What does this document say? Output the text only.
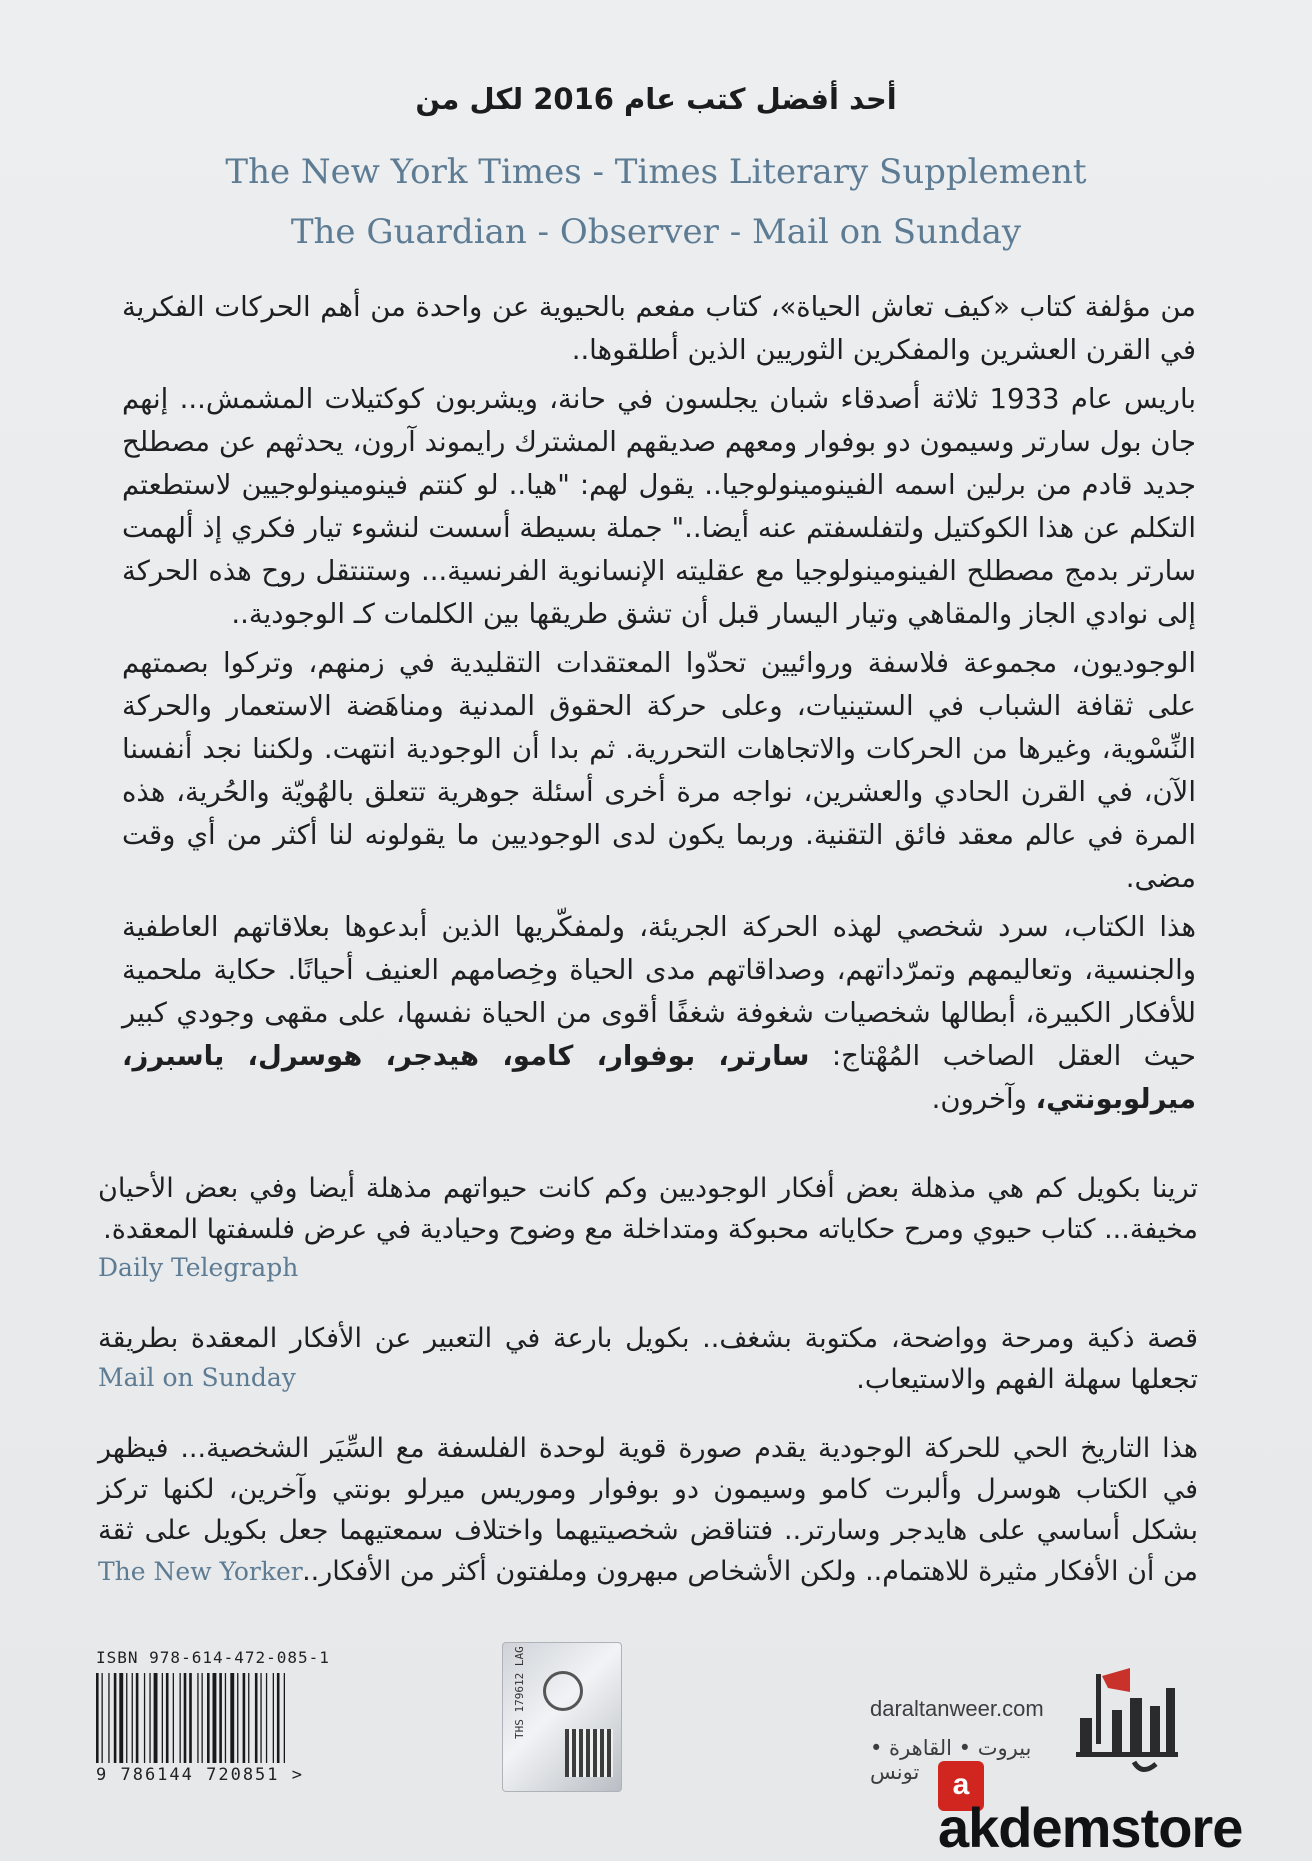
أحد أفضل كتب عام 2016 لكل من
The New York Times - Times Literary Supplement
The Guardian - Observer - Mail on Sunday

من مؤلفة كتاب «كيف تعاش الحياة»، كتاب مفعم بالحيوية عن واحدة من أهم الحركات الفكرية في القرن العشرين والمفكرين الثوريين الذين أطلقوها..

باريس عام 1933 ثلاثة أصدقاء شبان يجلسون في حانة، ويشربون كوكتيلات المشمش... إنهم جان بول سارتر وسيمون دو بوفوار ومعهم صديقهم المشترك رايموند آرون، يحدثهم عن مصطلح جديد قادم من برلين اسمه الفينومينولوجيا.. يقول لهم: "هيا.. لو كنتم فينومينولوجيين لاستطعتم التكلم عن هذا الكوكتيل ولتفلسفتم عنه أيضا.." جملة بسيطة أسست لنشوء تيار فكري إذ ألهمت سارتر بدمج مصطلح الفينومينولوجيا مع عقليته الإنسانوية الفرنسية... وستنتقل روح هذه الحركة إلى نوادي الجاز والمقاهي وتيار اليسار قبل أن تشق طريقها بين الكلمات كـ الوجودية..

الوجوديون، مجموعة فلاسفة وروائيين تحدّوا المعتقدات التقليدية في زمنهم، وتركوا بصمتهم على ثقافة الشباب في الستينيات، وعلى حركة الحقوق المدنية ومناهَضة الاستعمار والحركة النِّسْوية، وغيرها من الحركات والاتجاهات التحررية. ثم بدا أن الوجودية انتهت. ولكننا نجد أنفسنا الآن، في القرن الحادي والعشرين، نواجه مرة أخرى أسئلة جوهرية تتعلق بالهُويّة والحُرية، هذه المرة في عالم معقد فائق التقنية. وربما يكون لدى الوجوديين ما يقولونه لنا أكثر من أي وقت مضى.

هذا الكتاب، سرد شخصي لهذه الحركة الجريئة، ولمفكّريها الذين أبدعوها بعلاقاتهم العاطفية والجنسية، وتعاليمهم وتمرّداتهم، وصداقاتهم مدى الحياة وخِصامهم العنيف أحيانًا. حكاية ملحمية للأفكار الكبيرة، أبطالها شخصيات شغوفة شغفًا أقوى من الحياة نفسها، على مقهى وجودي كبير حيث العقل الصاخب المُهْتاج: سارتر، بوفوار، كامو، هيدجر، هوسرل، ياسبرز، ميرلوبونتي، وآخرون.

ترينا بكويل كم هي مذهلة بعض أفكار الوجوديين وكم كانت حيواتهم مذهلة أيضا وفي بعض الأحيان مخيفة... كتاب حيوي ومرح حكاياته محبوكة ومتداخلة مع وضوح وحيادية في عرض فلسفتها المعقدة.
Daily Telegraph
قصة ذكية ومرحة وواضحة، مكتوبة بشغف.. بكويل بارعة في التعبير عن الأفكار المعقدة بطريقة تجعلها سهلة الفهم والاستيعاب.
Mail on Sunday
هذا التاريخ الحي للحركة الوجودية يقدم صورة قوية لوحدة الفلسفة مع السِّيَر الشخصية... فيظهر في الكتاب هوسرل وألبرت كامو وسيمون دو بوفوار وموريس ميرلو بونتي وآخرين، لكنها تركز بشكل أساسي على هايدجر وسارتر.. فتناقض شخصيتيهما واختلاف سمعتيهما جعل بكويل على ثقة من أن الأفكار مثيرة للاهتمام.. ولكن الأشخاص مبهرون وملفتون أكثر من الأفكار..
The New Yorker
ISBN 978-614-472-085-1
9 786144 720851 >
THS 179612 LAG	daraltanweer.com
بيروت • القاهرة • تونس	a
akdemstore
